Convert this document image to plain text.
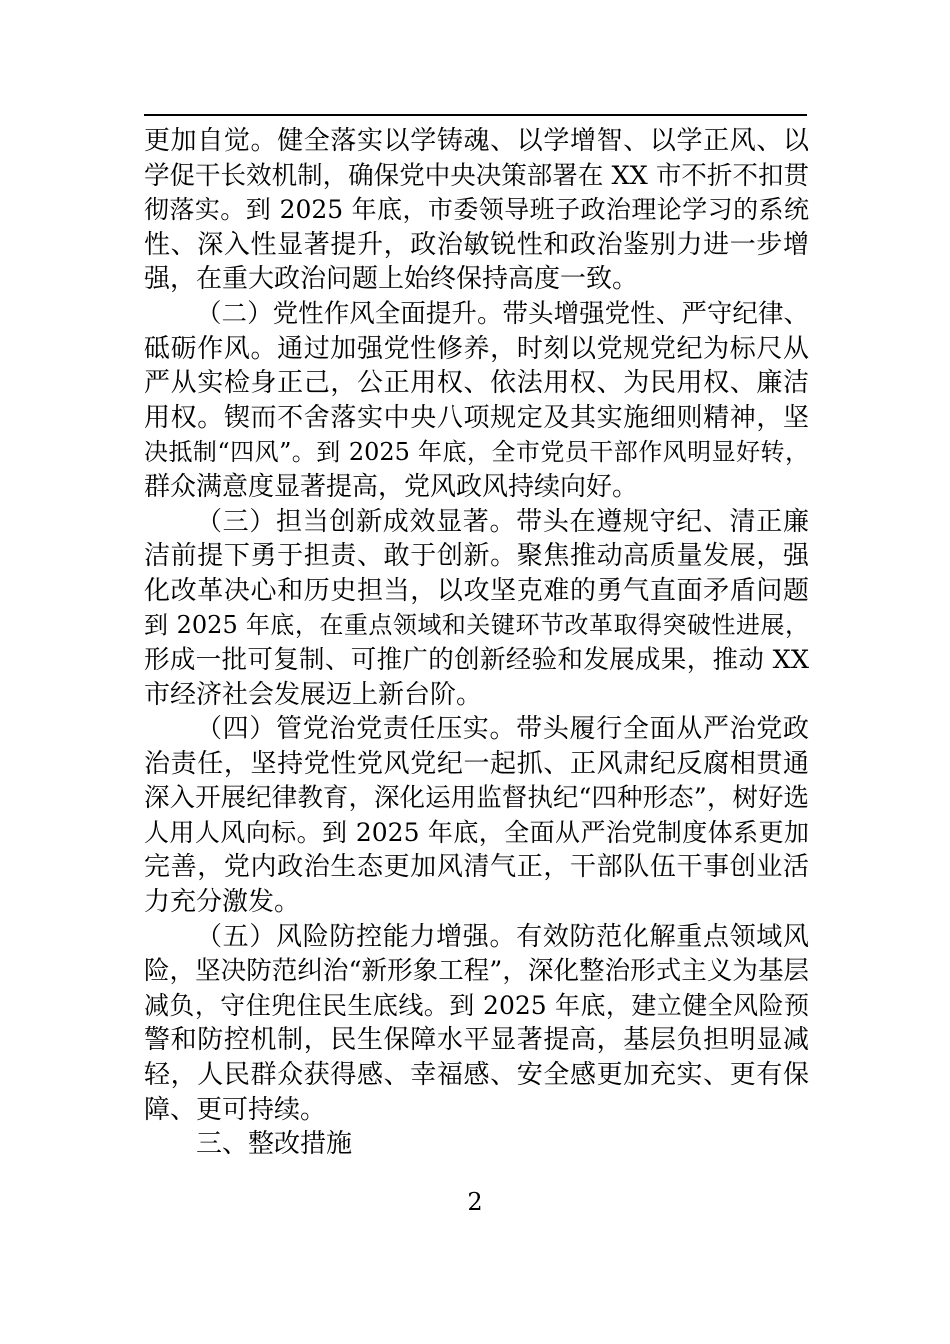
更加自觉。健全落实以学铸魂、以学增智、以学正风、以
学促干长效机制，确保党中央决策部署在 XX 市不折不扣贯
彻落实。到 2025 年底，市委领导班子政治理论学习的系统
性、深入性显著提升，政治敏锐性和政治鉴别力进一步增
强，在重大政治问题上始终保持高度一致。
（二）党性作风全面提升。带头增强党性、严守纪律、
砥砺作风。通过加强党性修养，时刻以党规党纪为标尺从
严从实检身正己，公正用权、依法用权、为民用权、廉洁
用权。锲而不舍落实中央八项规定及其实施细则精神，坚
决抵制“四风”。到 2025 年底，全市党员干部作风明显好转，
群众满意度显著提高，党风政风持续向好。
（三）担当创新成效显著。带头在遵规守纪、清正廉
洁前提下勇于担责、敢于创新。聚焦推动高质量发展，强
化改革决心和历史担当，以攻坚克难的勇气直面矛盾问题
到 2025 年底，在重点领域和关键环节改革取得突破性进展，
形成一批可复制、可推广的创新经验和发展成果，推动 XX
市经济社会发展迈上新台阶。
（四）管党治党责任压实。带头履行全面从严治党政
治责任，坚持党性党风党纪一起抓、正风肃纪反腐相贯通
深入开展纪律教育，深化运用监督执纪“四种形态”，树好选
人用人风向标。到 2025 年底，全面从严治党制度体系更加
完善，党内政治生态更加风清气正，干部队伍干事创业活
力充分激发。
（五）风险防控能力增强。有效防范化解重点领域风
险，坚决防范纠治“新形象工程”，深化整治形式主义为基层
减负，守住兜住民生底线。到 2025 年底，建立健全风险预
警和防控机制，民生保障水平显著提高，基层负担明显减
轻，人民群众获得感、幸福感、安全感更加充实、更有保
障、更可持续。
三、整改措施
2
